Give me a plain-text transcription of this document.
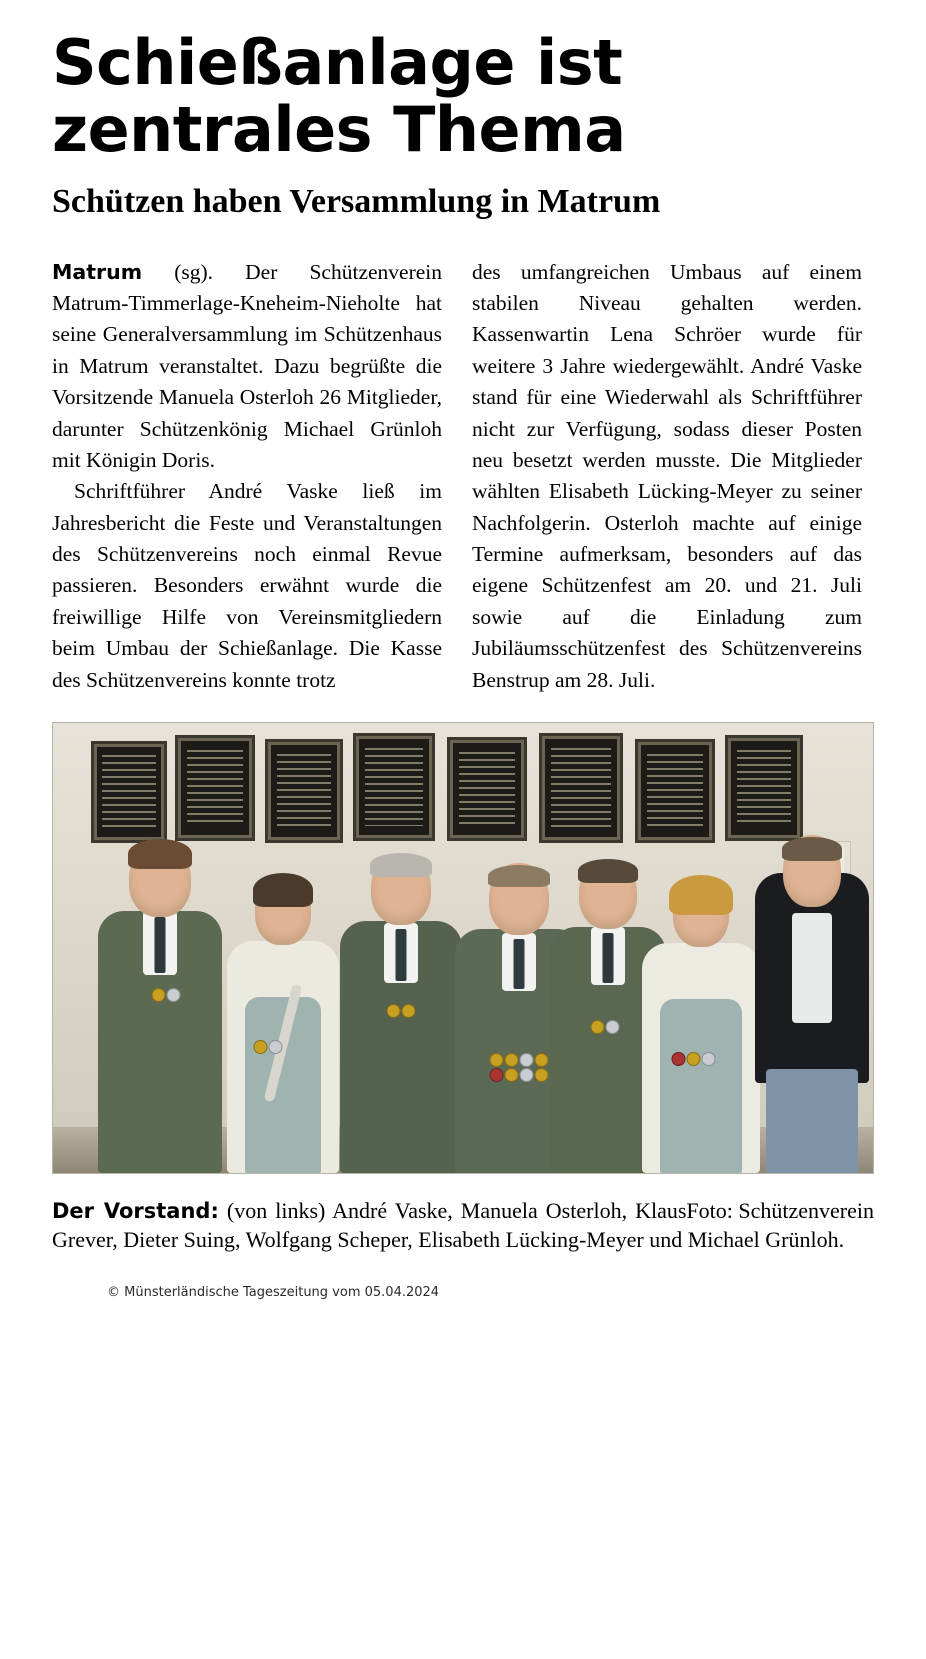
Schießanlage ist
zentrales Thema
Schützen haben Versammlung in Matrum

Matrum (sg). Der Schützenverein Matrum-Timmerlage-Kneheim-Nieholte hat seine Generalversammlung im Schützenhaus in Matrum veranstaltet. Dazu begrüßte die Vorsitzende Manuela Osterloh 26 Mitglieder, darunter Schützenkönig Michael Grünloh mit Königin Doris.

Schriftführer André Vaske ließ im Jahresbericht die Feste und Veranstaltungen des Schützenvereins noch einmal Revue passieren. Besonders erwähnt wurde die freiwillige Hilfe von Vereinsmitgliedern beim Umbau der Schießanlage. Die Kasse des Schützenvereins konnte trotz

des umfangreichen Umbaus auf einem stabilen Niveau gehalten werden. Kassenwartin Lena Schröer wurde für weitere 3 Jahre wiedergewählt. André Vaske stand für eine Wiederwahl als Schriftführer nicht zur Verfügung, sodass dieser Posten neu besetzt werden musste. Die Mitglieder wählten Elisabeth Lücking-Meyer zu seiner Nachfolgerin. Osterloh machte auf einige Termine aufmerksam, besonders auf das eigene Schützenfest am 20. und 21. Juli sowie auf die Einladung zum Jubiläumsschützenfest des Schützenvereins Benstrup am 28. Juli.

Foto: Schützenverein
Der Vorstand: (von links) André Vaske, Manuela Osterloh, Klaus Grever, Dieter Suing, Wolfgang Scheper, Elisabeth Lücking-Meyer und Michael Grünloh.
© Münsterländische Tageszeitung vom 05.04.2024
